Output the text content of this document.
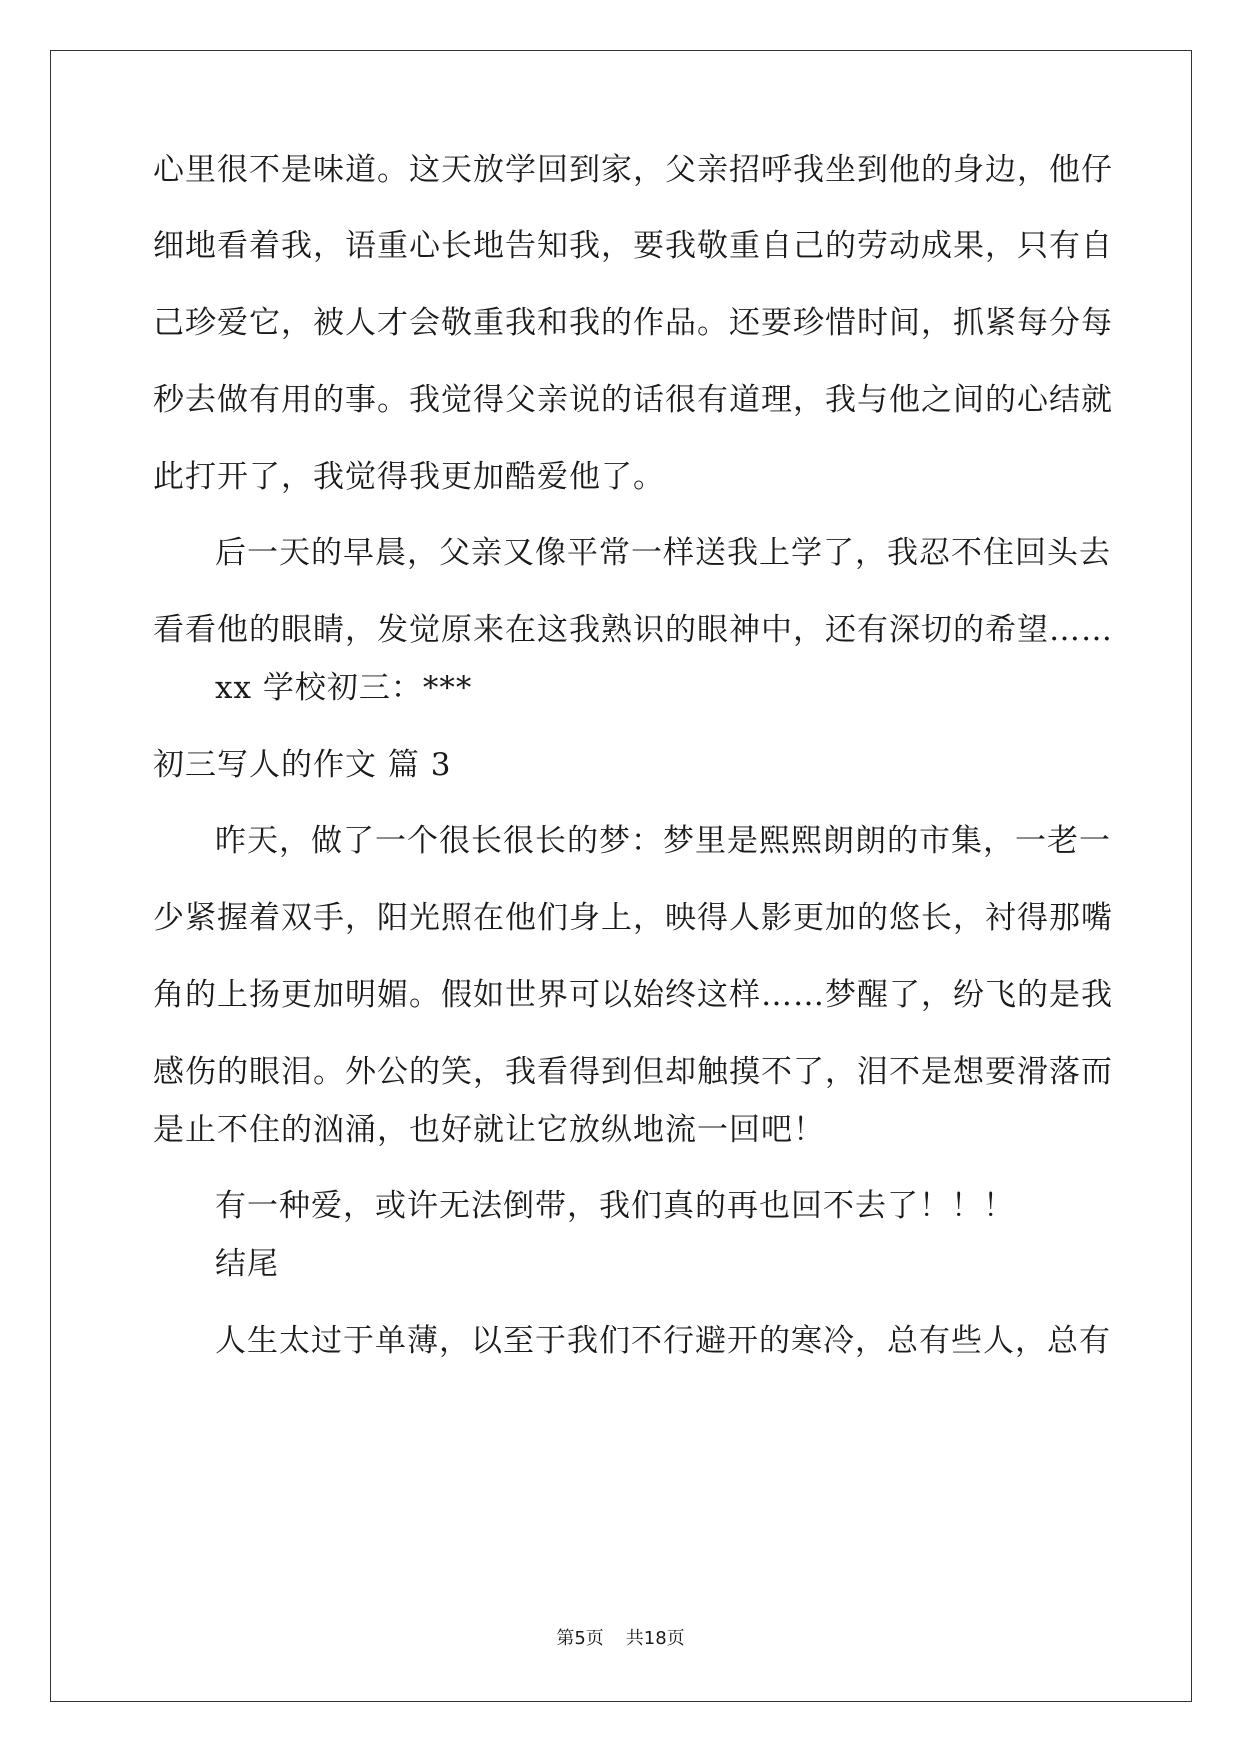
心里很不是味道。这天放学回到家，父亲招呼我坐到他的身边，他仔
细地看着我，语重心长地告知我，要我敬重自己的劳动成果，只有自
己珍爱它，被人才会敬重我和我的作品。还要珍惜时间，抓紧每分每
秒去做有用的事。我觉得父亲说的话很有道理，我与他之间的心结就
此打开了，我觉得我更加酷爱他了。
后一天的早晨，父亲又像平常一样送我上学了，我忍不住回头去
看看他的眼睛，发觉原来在这我熟识的眼神中，还有深切的希望……
xx 学校初三：***
初三写人的作文 篇 3
昨天，做了一个很长很长的梦：梦里是熙熙朗朗的市集，一老一
少紧握着双手，阳光照在他们身上，映得人影更加的悠长，衬得那嘴
角的上扬更加明媚。假如世界可以始终这样……梦醒了，纷飞的是我
感伤的眼泪。外公的笑，我看得到但却触摸不了，泪不是想要滑落而
是止不住的汹涌，也好就让它放纵地流一回吧！
有一种爱，或许无法倒带，我们真的再也回不去了！！！
结尾
人生太过于单薄，以至于我们不行避开的寒冷，总有些人，总有
第5页 共18页
